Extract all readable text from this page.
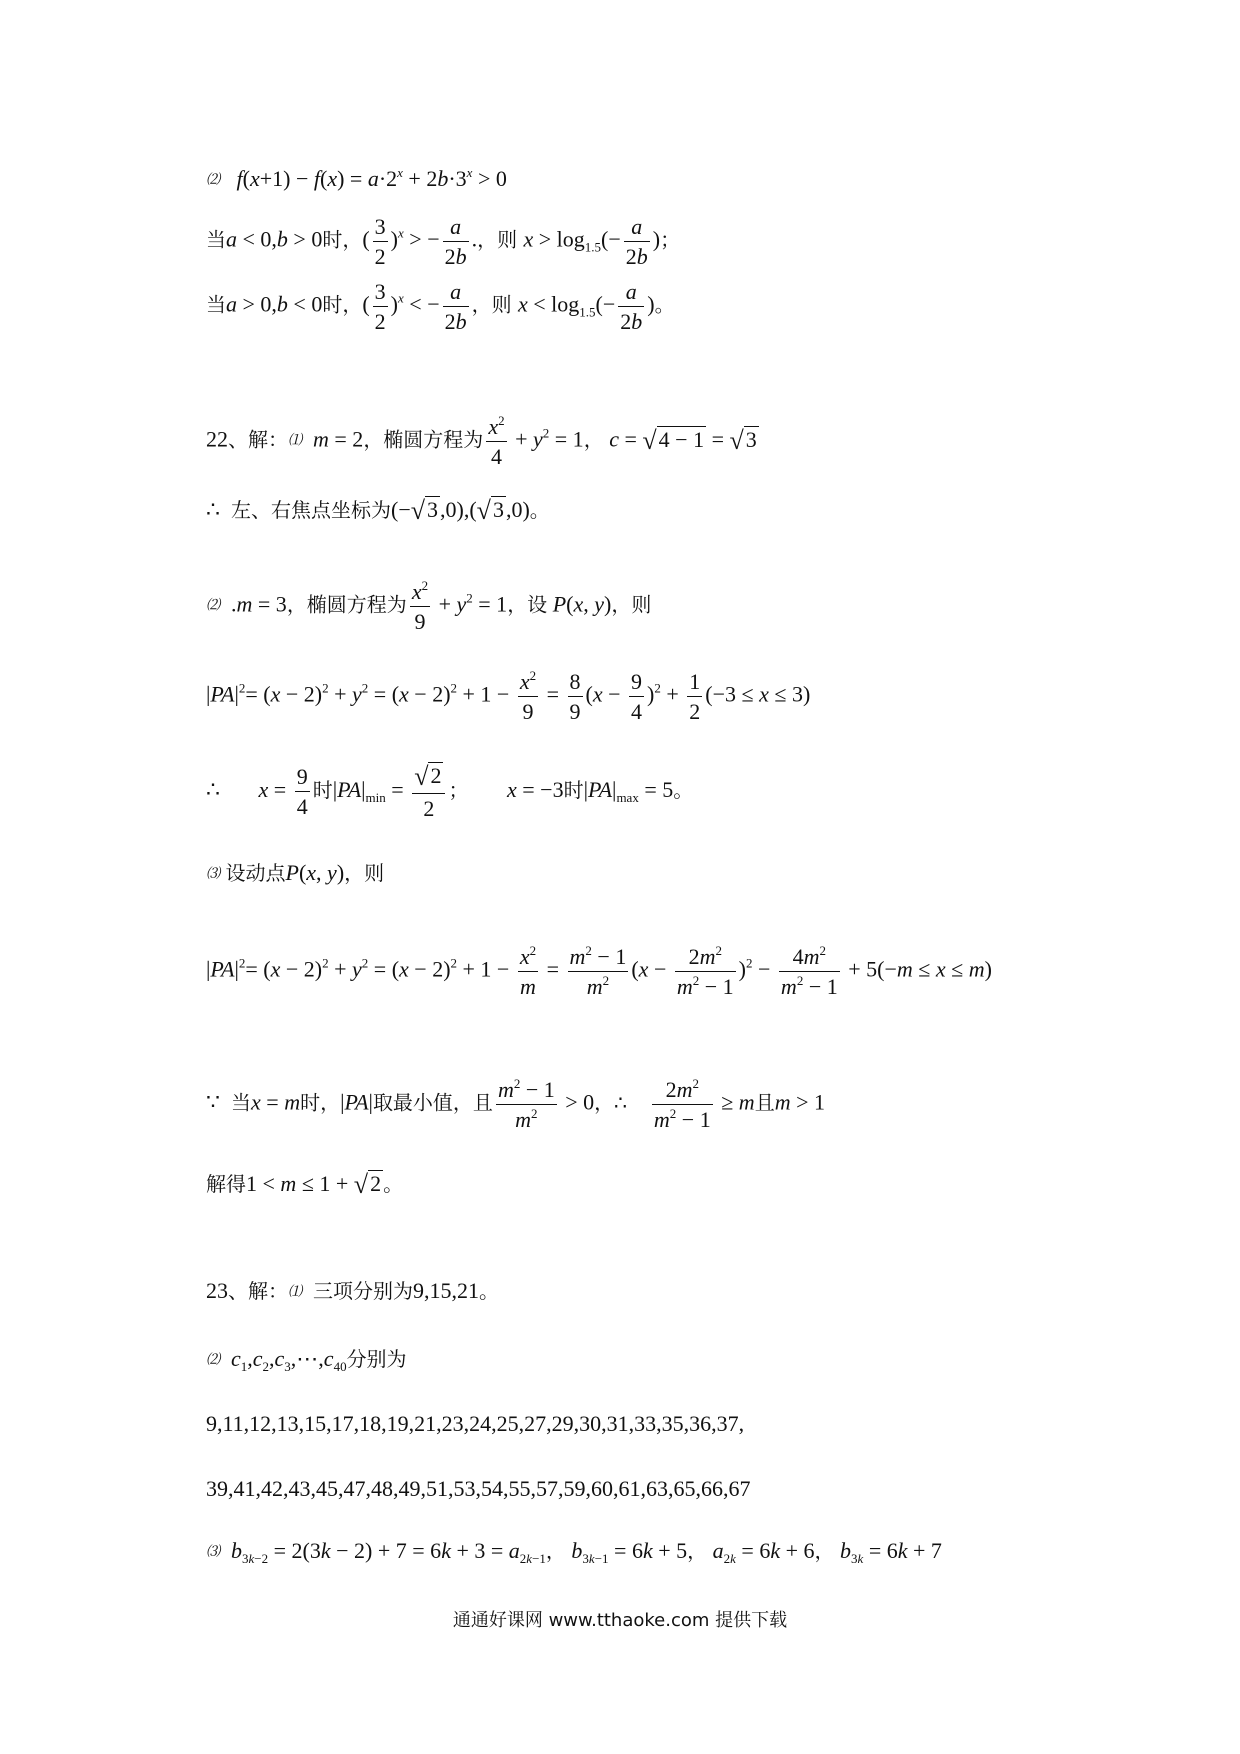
⑵   $f(x+1) - f(x) = a\cdot 2^x + 2b\cdot 3^x > 0$
当a < 0,b > 0时，( $\frac{3}{2} )^x$ > − $\frac{a}{2b}$ .，则 $x > \log_{1.5}(- \frac{a}{2b}$ )；
当a > 0,b < 0时，( $\frac{3}{2} )^x$ < − $\frac{a}{2b}$ ，则 $x < \log_{1.5}(- \frac{a}{2b}$ )。
22、解：⑴  m = 2，椭圆方程为 $\frac{x^2}{4} + y^2 = 1$， c = √4 − 1 = √3
∴ 左、右焦点坐标为(−√3,0),(√3,0)。
⑵ .m = 3，椭圆方程为 $\frac{x^2}{9} + y^2 = 1$，设 P(x, y)，则
$|PA|^2= (x - 2)^2 + y^2 = (x - 2)^2 + 1 - \frac{x^2}{9} = \frac{8}{9} (x - \frac{9}{4} )^2 + \frac{1}{2} (-3 \le x \le 3)$
∴       $x = \frac{9}{4}$ 时$|PA|_{min} = \frac{√2}{2}$ ；       x = −3时$|PA|_{max} = 5$。
⑶ 设动点P(x, y)，则
$|PA|^2= (x - 2)^2 + y^2 = (x - 2)^2 + 1 - \frac{x^2}{m} = \frac{m^2 - 1}{m^2} (x - \frac{2m^2}{m^2 - 1} )^2 - \frac{4m^2}{m^2 - 1} + 5(-m \le x \le m)$
∵ 当x = m时，|PA|取最小值，且 $\frac{m^2 - 1}{m^2} > 0$，∴ $\frac{2m^2}{m^2 - 1} \ge m$且m > 1
解得1 < m ≤ 1 + √2 。
23、解：⑴ 三项分别为9,15,21。
⑵  $c_1,c_2,c_3,\cdots,c_{40}$分别为
9,11,12,13,15,17,18,19,21,23,24,25,27,29,30,31,33,35,36,37,
39,41,42,43,45,47,48,49,51,53,54,55,57,59,60,61,63,65,66,67
⑶  $b_{3k-2} = 2(3k - 2) + 7 = 6k + 3 = a_{2k-1}$， $b_{3k-1} = 6k + 5$， $a_{2k} = 6k + 6$， $b_{3k} = 6k + 7$
通通好课网 www.tthaoke.com 提供下载
